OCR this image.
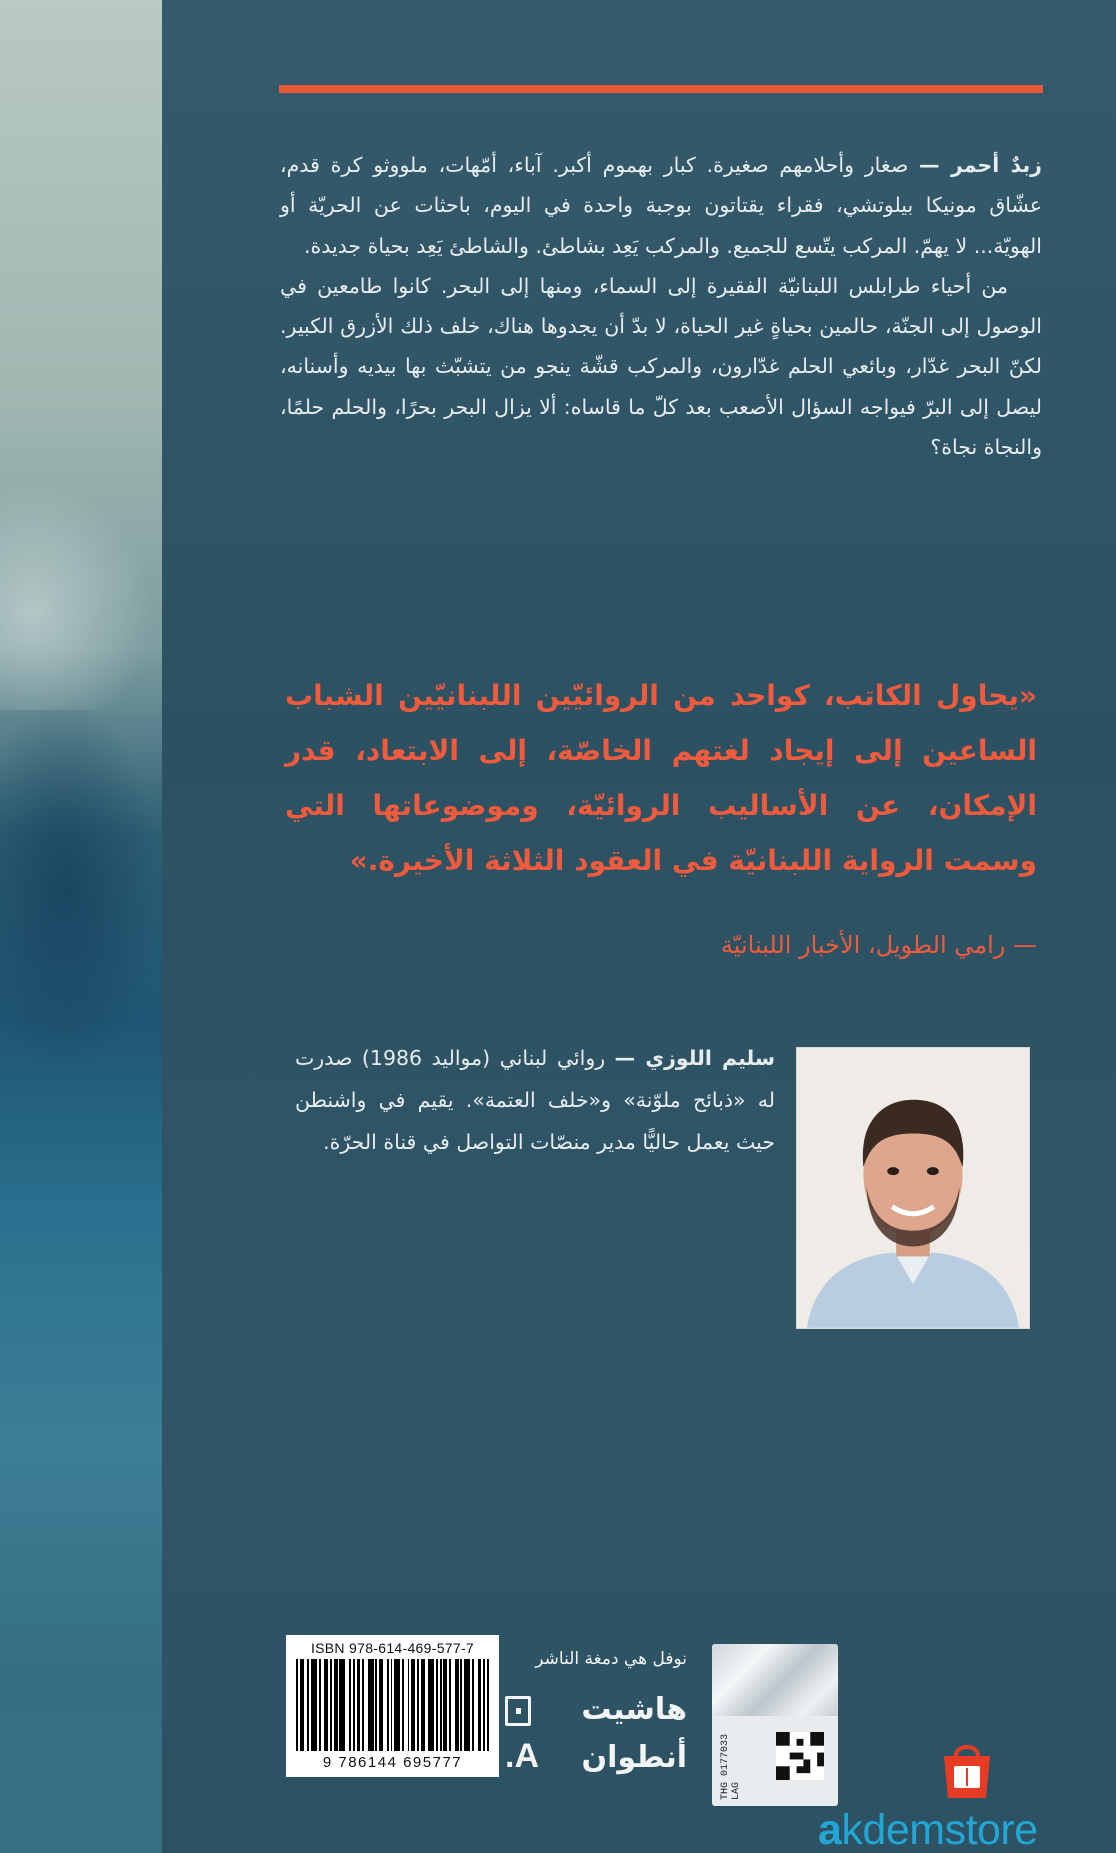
زبدٌ أحمر — صغار وأحلامهم صغيرة. كبار بهموم أكبر. آباء، أمّهات، ملووثو كرة قدم، عشّاق مونيكا بيلوتشي، فقراء يقتاتون بوجبة واحدة في اليوم، باحثات عن الحريّة أو الهويّة... لا يهمّ. المركب يتّسع للجميع. والمركب يَعِد بشاطئ. والشاطئ يَعِد بحياة جديدة.

من أحياء طرابلس اللبنانيّة الفقيرة إلى السماء، ومنها إلى البحر. كانوا طامعين في الوصول إلى الجنّة، حالمين بحياةٍ غير الحياة، لا بدّ أن يجدوها هناك، خلف ذلك الأزرق الكبير. لكنّ البحر غدّار، وبائعي الحلم غدّارون، والمركب قشّة ينجو من يتشبّث بها بيديه وأسنانه، ليصل إلى البرّ فيواجه السؤال الأصعب بعد كلّ ما قاساه: ألا يزال البحر بحرًا، والحلم حلمًا، والنجاة نجاة؟

«يحاول الكاتب، كواحد من الروائيّين اللبنانيّين الشباب الساعين إلى إيجاد لغتهم الخاصّة، إلى الابتعاد، قدر الإمكان، عن الأساليب الروائيّة، وموضوعاتها التي وسمت الرواية اللبنانيّة في العقود الثلاثة الأخيرة.»
— رامي الطويل، الأخبار اللبنانيّة
سليم اللوزي — روائي لبناني (مواليد 1986) صدرت له «ذبائح ملوّنة» و«خلف العتمة». يقيم في واشنطن حيث يعمل حاليًّا مدير منصّات التواصل في قناة الحرّة.
ISBN 978-614-469-577-7
9 786144 695777
نوفل هي دمغة الناشر
هاشيت
أنطوان
A.	THG 0177033 LAG
akdemstore
